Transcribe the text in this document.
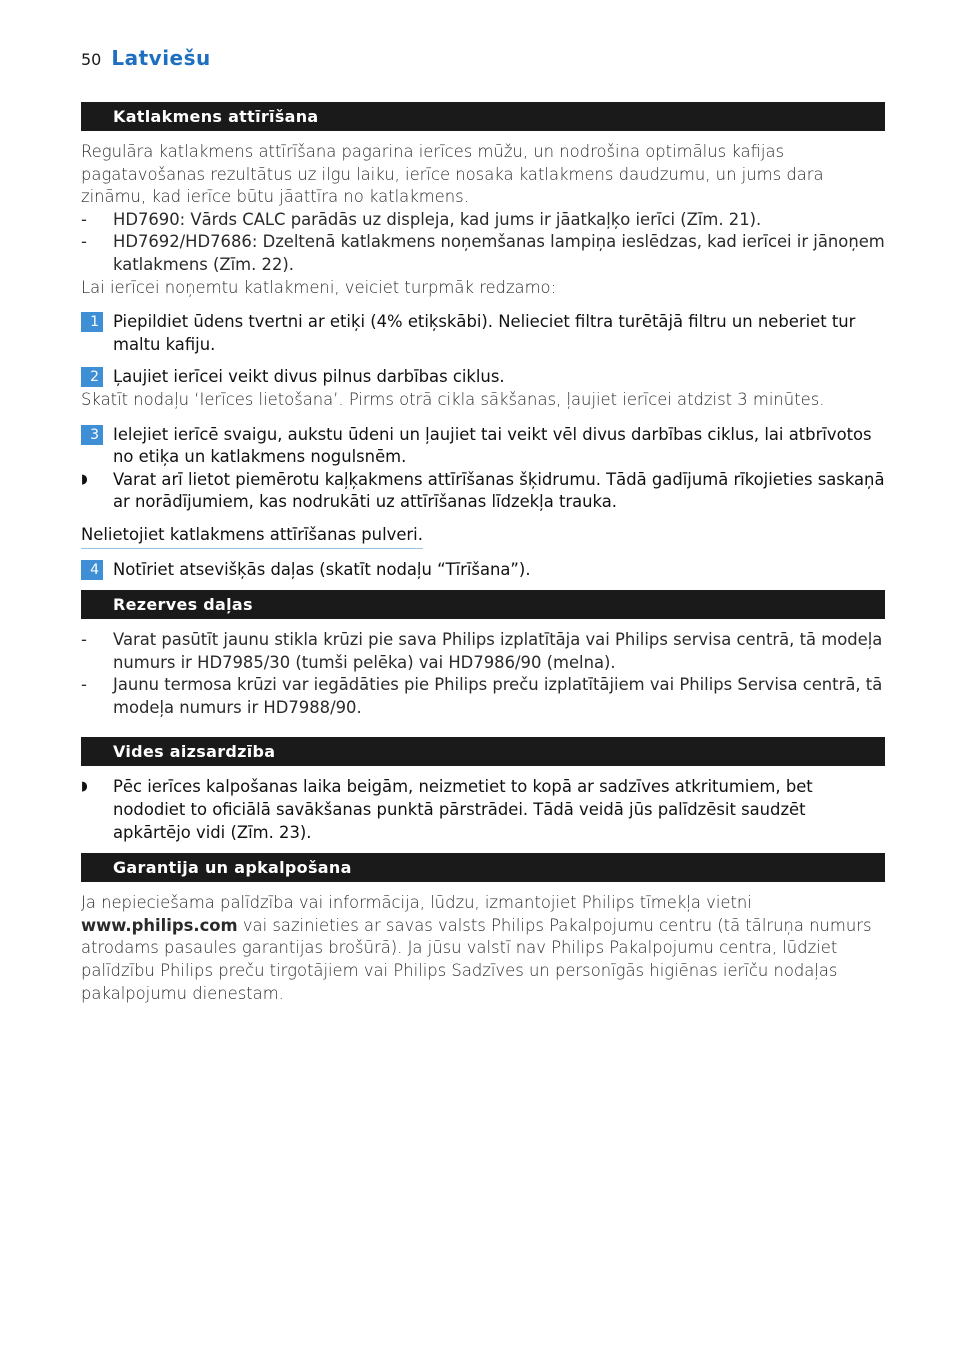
50 Latviešu
Katlakmens attīrīšana

Regulāra katlakmens attīrīšana pagarina ierīces mūžu, un nodrošina optimālus kafijas pagatavošanas rezultātus uz ilgu laiku, ierīce nosaka katlakmens daudzumu, un jums dara zināmu, kad ierīce būtu jāattīra no katlakmens.

-	HD7690: Vārds CALC parādās uz displeja, kad jums ir jāatkaļķo ierīci (Zīm. 21).
-	HD7692/HD7686: Dzeltenā katlakmens noņemšanas lampiņa ieslēdzas, kad ierīcei ir jānoņem katlakmens (Zīm. 22).

Lai ierīcei noņemtu katlakmeni, veiciet turpmāk redzamo:

1 Piepildiet ūdens tvertni ar etiķi (4% etiķskābi). Nelieciet filtra turētājā filtru un neberiet tur maltu kafiju.
2 Ļaujiet ierīcei veikt divus pilnus darbības ciklus.

Skatīt nodaļu ‘Ierīces lietošana’. Pirms otrā cikla sākšanas, ļaujiet ierīcei atdzist 3 minūtes.

3 Ielejiet ierīcē svaigu, aukstu ūdeni un ļaujiet tai veikt vēl divus darbības ciklus, lai atbrīvotos no etiķa un katlakmens nogulsnēm.
◗	Varat arī lietot piemērotu kaļķakmens attīrīšanas šķidrumu. Tādā gadījumā rīkojieties saskaņā ar norādījumiem, kas nodrukāti uz attīrīšanas līdzekļa trauka.
Nelietojiet katlakmens attīrīšanas pulveri.
4 Notīriet atsevišķās daļas (skatīt nodaļu “Tīrīšana”).
Rezerves daļas
-	Varat pasūtīt jaunu stikla krūzi pie sava Philips izplatītāja vai Philips servisa centrā, tā modeļa numurs ir HD7985/30 (tumši pelēka) vai HD7986/90 (melna).
-	Jaunu termosa krūzi var iegādāties pie Philips preču izplatītājiem vai Philips Servisa centrā, tā modeļa numurs ir HD7988/90.
Vides aizsardzība
◗	Pēc ierīces kalpošanas laika beigām, neizmetiet to kopā ar sadzīves atkritumiem, bet nododiet to oficiālā savākšanas punktā pārstrādei. Tādā veidā jūs palīdzēsit saudzēt apkārtējo vidi (Zīm. 23).
Garantija un apkalpošana

Ja nepieciešama palīdzība vai informācija, lūdzu, izmantojiet Philips tīmekļa vietni www.philips.com vai sazinieties ar savas valsts Philips Pakalpojumu centru (tā tālruņa numurs atrodams pasaules garantijas brošūrā). Ja jūsu valstī nav Philips Pakalpojumu centra, lūdziet palīdzību Philips preču tirgotājiem vai Philips Sadzīves un personīgās higiēnas ierīču nodaļas pakalpojumu dienestam.
